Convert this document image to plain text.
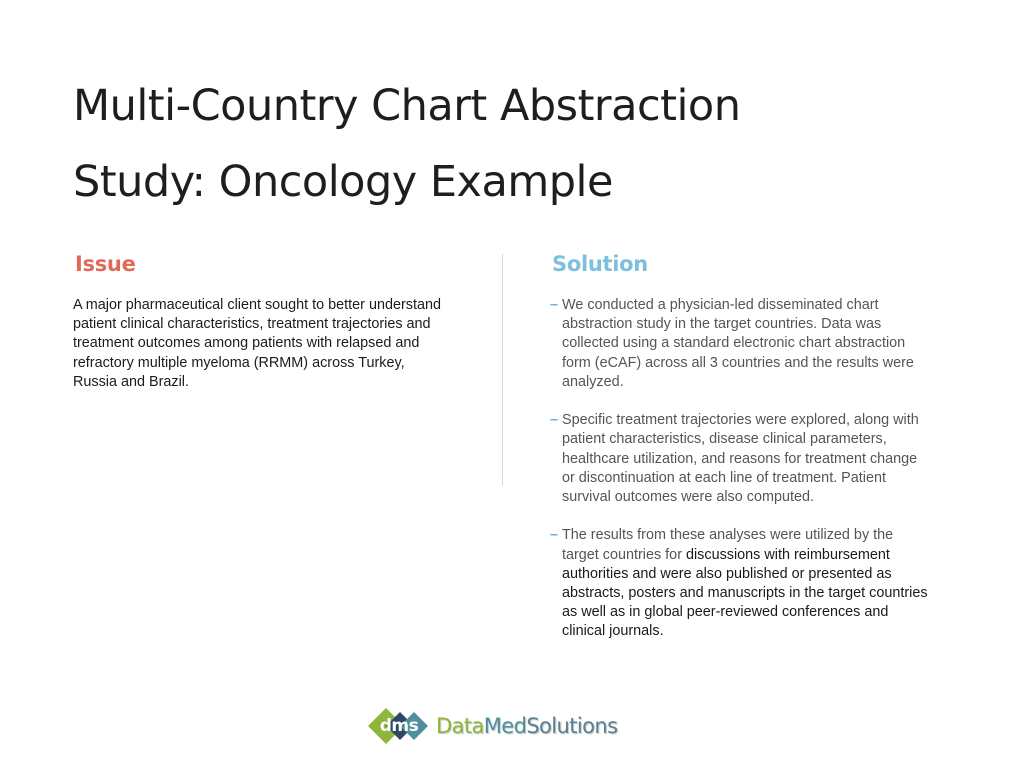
Multi-Country Chart Abstraction
Study: Oncology Example
Issue
A major pharmaceutical client sought to better understand patient clinical characteristics, treatment trajectories and treatment outcomes among patients with relapsed and refractory multiple myeloma (RRMM) across Turkey, Russia and Brazil.
Solution
– We conducted a physician-led disseminated chart abstraction study in the target countries. Data was collected using a standard electronic chart abstraction form (eCAF) across all 3 countries and the results were analyzed.
– Specific treatment trajectories were explored, along with patient characteristics, disease clinical parameters, healthcare utilization, and reasons for treatment change or discontinuation at each line of treatment. Patient survival outcomes were also computed.
– The results from these analyses were utilized by the target countries for discussions with reimbursement authorities and were also published or presented as abstracts, posters and manuscripts in the target countries as well as in global peer-reviewed conferences and clinical journals.
dms DataMedSolutions
